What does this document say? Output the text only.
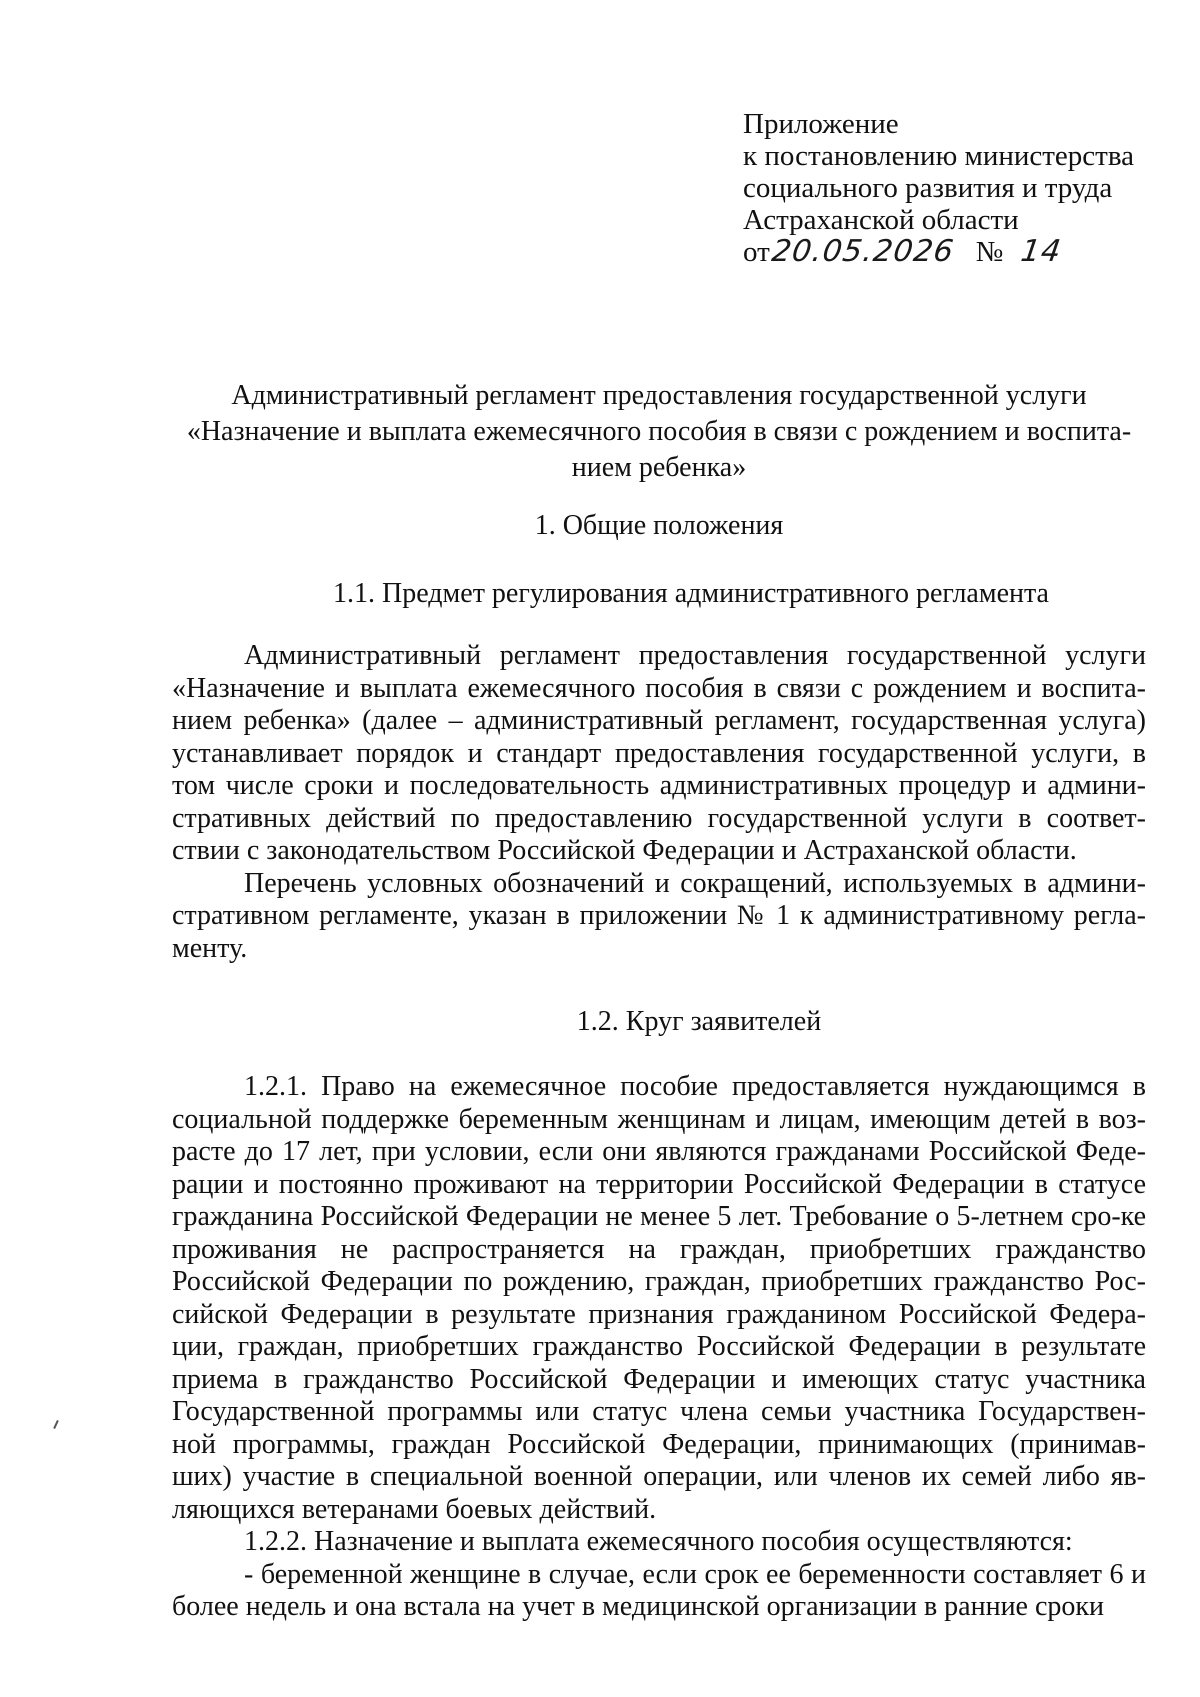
Приложение
к постановлению министерства
социального развития и труда
Астраханской области
от 20.05.2026 № 14
Административный регламент предоставления государственной услуги
«Назначение и выплата ежемесячного пособия в связи с рождением и воспита-
нием ребенка»
1. Общие положения
1.1. Предмет регулирования административного регламента

Административный регламент предоставления государственной услуги «Назначение и выплата ежемесячного пособия в связи с рождением и воспита-нием ребенка» (далее – административный регламент, государственная услуга) устанавливает порядок и стандарт предоставления государственной услуги, в том числе сроки и последовательность административных процедур и админи-стративных действий по предоставлению государственной услуги в соответ-ствии с законодательством Российской Федерации и Астраханской области.

Перечень условных обозначений и сокращений, используемых в админи-стративном регламенте, указан в приложении № 1 к административному регла-менту.

1.2. Круг заявителей

1.2.1. Право на ежемесячное пособие предоставляется нуждающимся в социальной поддержке беременным женщинам и лицам, имеющим детей в воз-расте до 17 лет, при условии, если они являются гражданами Российской Феде-рации и постоянно проживают на территории Российской Федерации в статусе гражданина Российской Федерации не менее 5 лет. Требование о 5-летнем сро-ке проживания не распространяется на граждан, приобретших гражданство Российской Федерации по рождению, граждан, приобретших гражданство Рос-сийской Федерации в результате признания гражданином Российской Федера-ции, граждан, приобретших гражданство Российской Федерации в результате приема в гражданство Российской Федерации и имеющих статус участника Государственной программы или статус члена семьи участника Государствен-ной программы, граждан Российской Федерации, принимающих (принимав-ших) участие в специальной военной операции, или членов их семей либо яв-ляющихся ветеранами боевых действий.

1.2.2. Назначение и выплата ежемесячного пособия осуществляются:

- беременной женщине в случае, если срок ее беременности составляет 6 и более недель и она встала на учет в медицинской организации в ранние сроки
